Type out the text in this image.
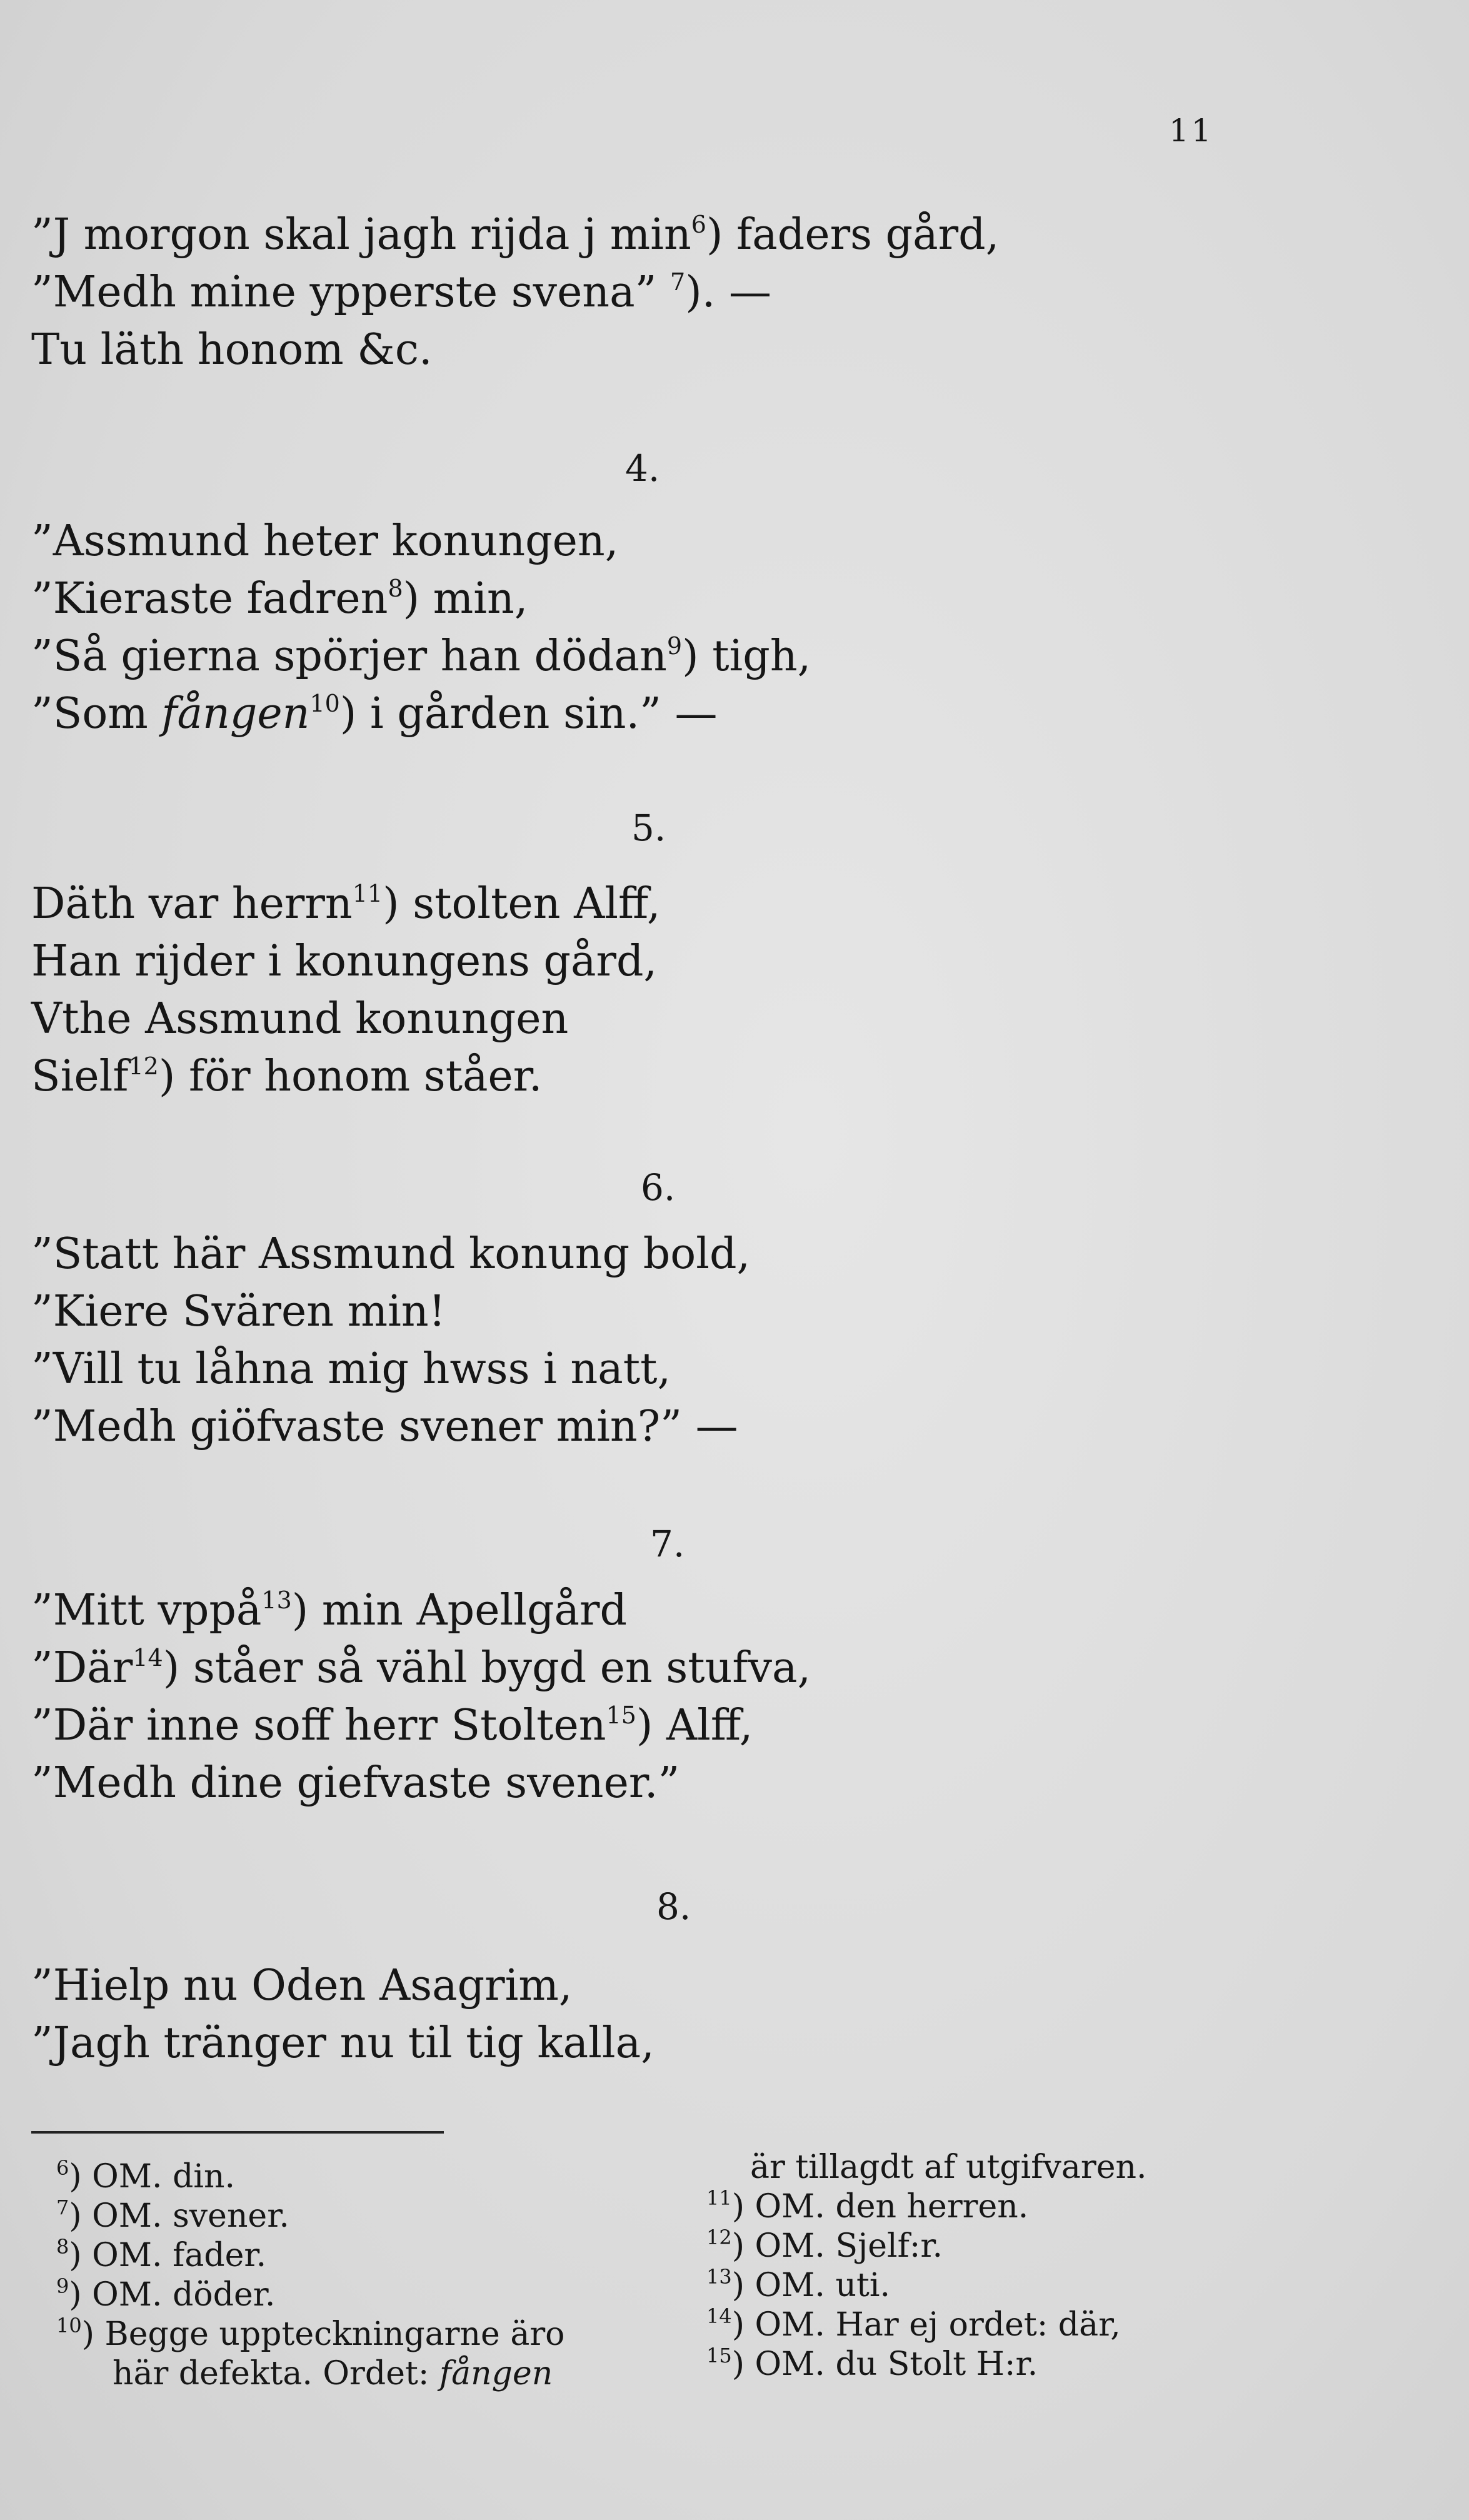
11
”J morgon skal jagh rijda j $\min^6$) faders gård,
”Medh mine ypperste svena” $^7$). —
Tu läth honom &c.
4.
”Assmund heter konungen,
”Kieraste fadren$^8$) min,
”Så gierna spörjer han dödan$^9$) tigh,
”Som fången$^{10}$) i gården sin.” —
5.
Däth var herrn$^{11}$) stolten Alff,
Han rijder i konungens gård,
Vthe Assmund konungen
Sielf$^{12}$) för honom ståer.
6.
”Statt här Assmund konung bold,
”Kiere Svären min!
”Vill tu låhna mig hwss i natt,
”Medh giöfvaste svener min?” —
7.
”Mitt vppå$^{13}$) min Apellgård
”Där$^{14}$) ståer så vähl bygd en stufva,
”Där inne soff herr Stolten$^{15}$) Alff,
”Medh dine giefvaste svener.”
8.
”Hielp nu Oden Asagrim,
”Jagh tränger nu til tig kalla,
$^6$) OM. din.
$^7$) OM. svener.
$^8$) OM. fader.
$^9$) OM. döder.
$^{10}$) Begge uppteckningarne äro
här defekta. Ordet: fången
är tillagdt af utgifvaren.
$^{11}$) OM. den herren.
$^{12}$) OM. Sjelf:r.
$^{13}$) OM. uti.
$^{14}$) OM. Har ej ordet: där,
$^{15}$) OM. du Stolt H:r.
